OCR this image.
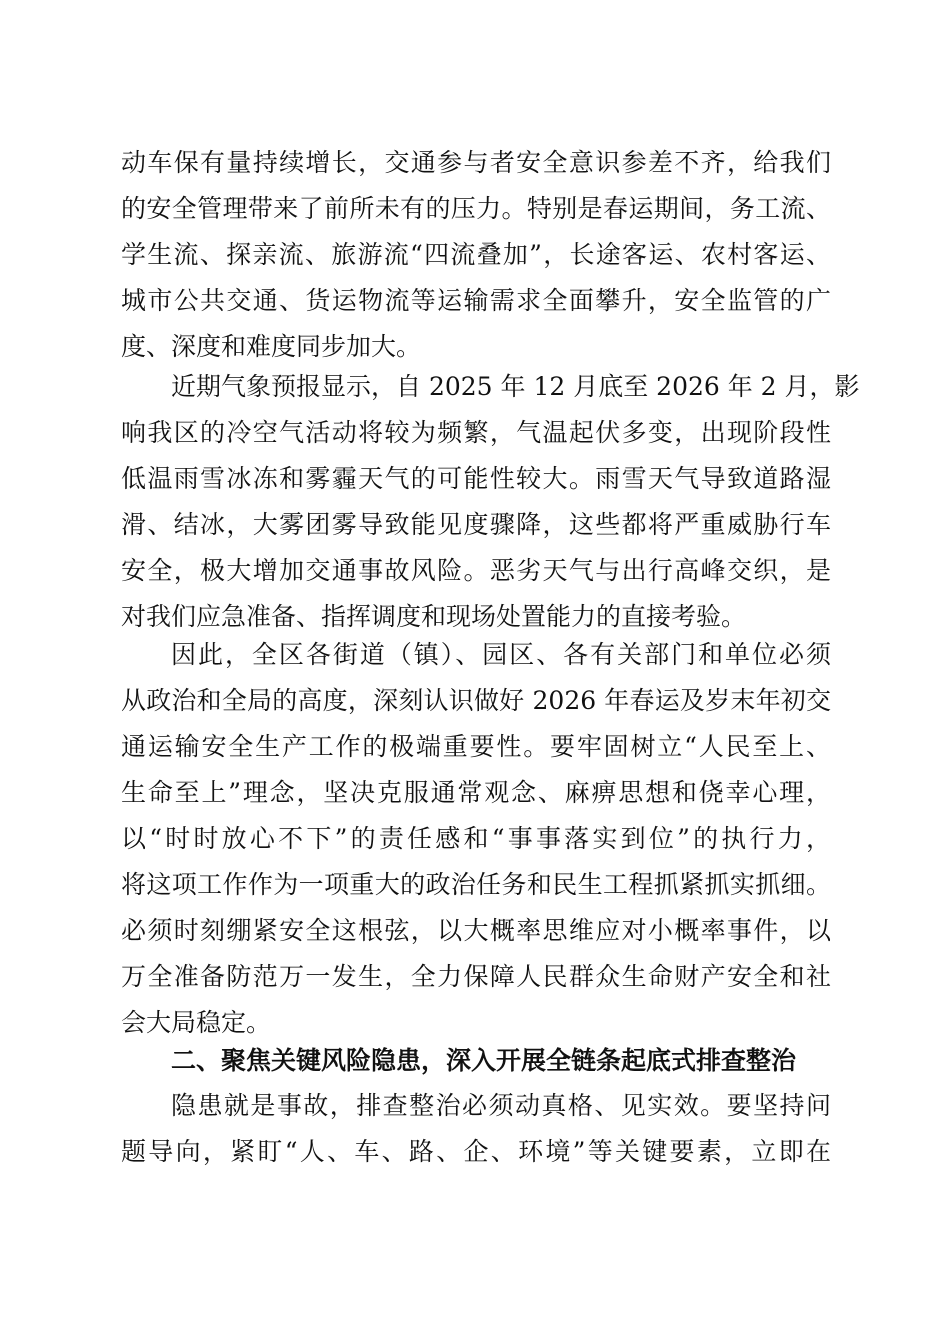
动车保有量持续增长，交通参与者安全意识参差不齐，给我们
的安全管理带来了前所未有的压力。特别是春运期间，务工流、
学生流、探亲流、旅游流“四流叠加”，长途客运、农村客运、
城市公共交通、货运物流等运输需求全面攀升，安全监管的广
度、深度和难度同步加大。
近期气象预报显示，自 2025 年 12 月底至 2026 年 2 月，影
响我区的冷空气活动将较为频繁，气温起伏多变，出现阶段性
低温雨雪冰冻和雾霾天气的可能性较大。雨雪天气导致道路湿
滑、结冰，大雾团雾导致能见度骤降，这些都将严重威胁行车
安全，极大增加交通事故风险。恶劣天气与出行高峰交织，是
对我们应急准备、指挥调度和现场处置能力的直接考验。
因此，全区各街道（镇）、园区、各有关部门和单位必须
从政治和全局的高度，深刻认识做好 2026 年春运及岁末年初交
通运输安全生产工作的极端重要性。要牢固树立“人民至上、
生命至上”理念，坚决克服通常观念、麻痹思想和侥幸心理，
以“时时放心不下”的责任感和“事事落实到位”的执行力，
将这项工作作为一项重大的政治任务和民生工程抓紧抓实抓细。
必须时刻绷紧安全这根弦，以大概率思维应对小概率事件，以
万全准备防范万一发生，全力保障人民群众生命财产安全和社
会大局稳定。
二、聚焦关键风险隐患，深入开展全链条起底式排查整治
隐患就是事故，排查整治必须动真格、见实效。要坚持问
题导向，紧盯“人、车、路、企、环境”等关键要素，立即在
